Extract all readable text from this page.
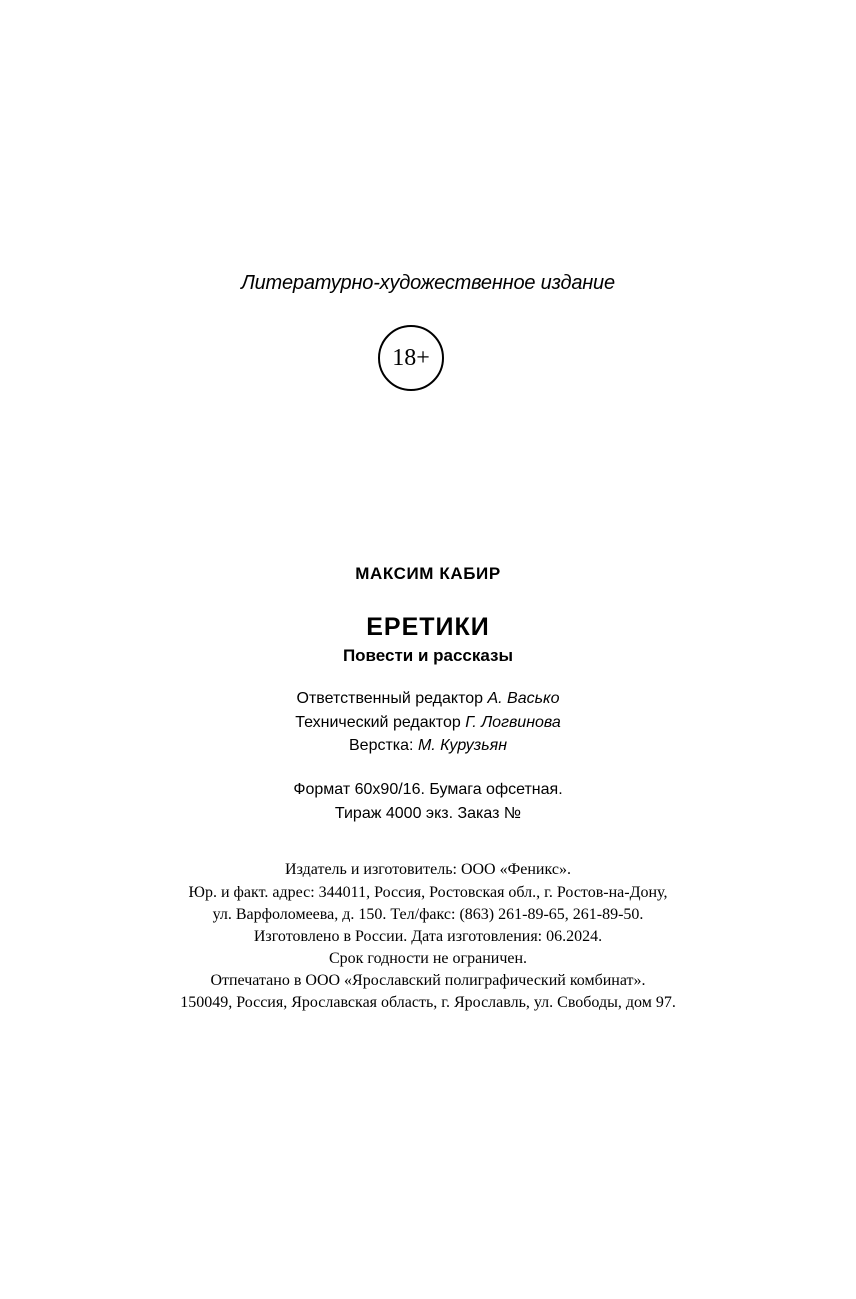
Литературно-художественное издание
18+
МАКСИМ КАБИР
ЕРЕТИКИ
Повести и рассказы
Ответственный редактор А. Васько
Технический редактор Г. Логвинова
Верстка: М. Курузьян
Формат 60x90/16. Бумага офсетная.
Тираж 4000 экз. Заказ №
Издатель и изготовитель: ООО «Феникс».
Юр. и факт. адрес: 344011, Россия, Ростовская обл., г. Ростов-на-Дону,
ул. Варфоломеева, д. 150. Тел/факс: (863) 261-89-65, 261-89-50.
Изготовлено в России. Дата изготовления: 06.2024.
Срок годности не ограничен.
Отпечатано в ООО «Ярославский полиграфический комбинат».
150049, Россия, Ярославская область, г. Ярославль, ул. Свободы, дом 97.
